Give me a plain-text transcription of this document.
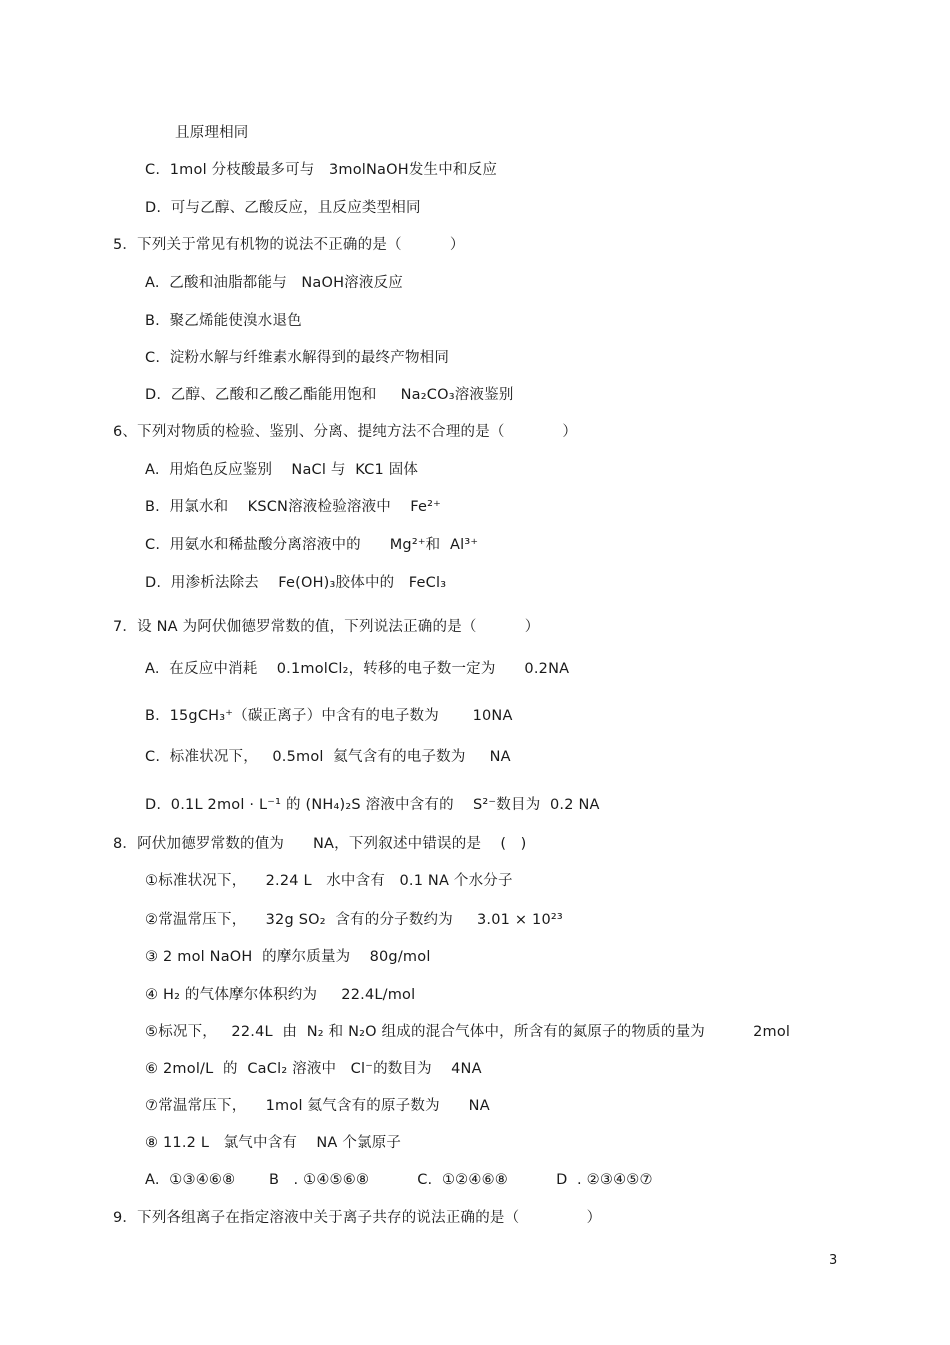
且原理相同
C.  1mol 分枝酸最多可与   3molNaOH发生中和反应
D.  可与乙醇、乙酸反应，且反应类型相同
5．下列关于常见有机物的说法不正确的是（          ）
A.  乙酸和油脂都能与   NaOH溶液反应
B.  聚乙烯能使溴水退色
C.  淀粉水解与纤维素水解得到的最终产物相同
D.  乙醇、乙酸和乙酸乙酯能用饱和     Na₂CO₃溶液鉴别
6、下列对物质的检验、鉴别、分离、提纯方法不合理的是（            ）
A.  用焰色反应鉴别    NaCl 与  KC1 固体
B.  用氯水和    KSCN溶液检验溶液中    Fe²⁺
C.  用氨水和稀盐酸分离溶液中的      Mg²⁺和  Al³⁺
D.  用渗析法除去    Fe(OH)₃胶体中的   FeCl₃
7．设 NA 为阿伏伽德罗常数的值，下列说法正确的是（          ）
A.  在反应中消耗    0.1molCl₂，转移的电子数一定为      0.2NA
B.  15gCH₃⁺（碳正离子）中含有的电子数为       10NA
C.  标准状况下，   0.5mol  氦气含有的电子数为     NA
D.  0.1L 2mol · L⁻¹ 的 (NH₄)₂S 溶液中含有的    S²⁻数目为  0.2 NA
8．阿伏加德罗常数的值为      NA，下列叙述中错误的是    (   )
①标准状况下，    2.24 L   水中含有   0.1 NA 个水分子
②常温常压下，    32g SO₂  含有的分子数约为     3.01 × 10²³
③ 2 mol NaOH  的摩尔质量为    80g/mol
④ H₂ 的气体摩尔体积约为     22.4L/mol
⑤标况下，   22.4L  由  N₂ 和 N₂O 组成的混合气体中，所含有的氮原子的物质的量为          2mol
⑥ 2mol/L  的  CaCl₂ 溶液中   Cl⁻的数目为    4NA
⑦常温常压下，    1mol 氦气含有的原子数为      NA
⑧ 11.2 L   氯气中含有    NA 个氯原子
A.  ①③④⑥⑧       B   . ①④⑤⑥⑧          C.  ①②④⑥⑧          D  . ②③④⑤⑦
9．下列各组离子在指定溶液中关于离子共存的说法正确的是（              ）
3
